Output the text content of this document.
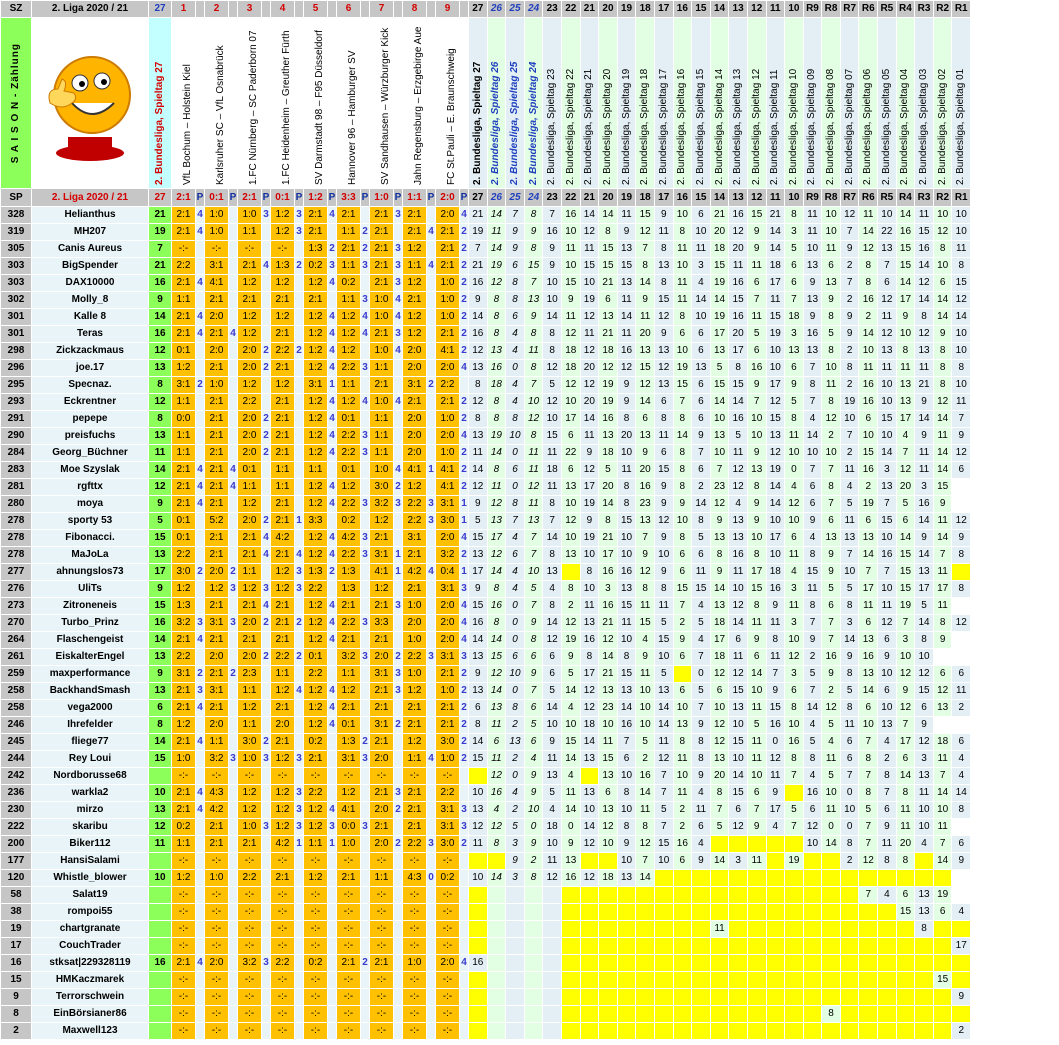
SZ	2. Liga 2020 / 21	27	1		2		3		4		5		6		7		8		9		27	26	25	24	23	22	21	20	19	18	17	16	15	14	13	12	11	10	R9	R8	R7	R6	R5	R4	R3	R2	R1

S A I S O N - Zählung		2. Bundesliga, Spieltag 27	VfL Bochum – Holstein Kiel		Karlsruher SC – VfL Osnabrück		1.FC Nürnberg – SC Paderborn 07		1.FC Heidenheim – Greuther Fürth		SV Darmstadt 98 – F95 Düsseldorf		Hannover 96 – Hamburger SV		SV Sandhausen – Würzburger Kick		Jahn Regensburg – Erzgebirge Aue		FC St.Pauli – E. Braunschweig		2. Bundesliga, Spieltag 27	2. Bundesliga, Spieltag 26	2. Bundesliga, Spieltag 25	2. Bundesliga, Spieltag 24	2. Bundesliga, Spieltag 23	2. Bundesliga, Spieltag 22	2. Bundesliga, Spieltag 21	2. Bundesliga, Spieltag 20	2. Bundesliga, Spieltag 19	2. Bundesliga, Spieltag 18	2. Bundesliga, Spieltag 17	2. Bundesliga, Spieltag 16	2. Bundesliga, Spieltag 15	2. Bundesliga, Spieltag 14	2. Bundesliga, Spieltag 13	2. Bundesliga, Spieltag 12	2. Bundesliga, Spieltag 11	2. Bundesliga, Spieltag 10	2. Bundesliga, Spieltag 09	2. Bundesliga, Spieltag 08	2. Bundesliga, Spieltag 07	2. Bundesliga, Spieltag 06	2. Bundesliga, Spieltag 05	2. Bundesliga, Spieltag 04	2. Bundesliga, Spieltag 03	2. Bundesliga, Spieltag 02	2. Bundesliga, Spieltag 01

SP	2. Liga 2020 / 21	27	2:1	P	0:1	P	2:1	P	0:1	P	1:2	P	3:3	P	1:0	P	1:1	P	2:0	P	27	26	25	24	23	22	21	20	19	18	17	16	15	14	13	12	11	10	R9	R8	R7	R6	R5	R4	R3	R2	R1
328	Helianthus	21	2:1	4	1:0		1:0	3	1:2	3	2:1	4	2:1		2:1	3	2:1		2:0	4	21	14	7	8	7	16	14	14	11	15	9	10	6	21	16	15	21	8	11	10	12	11	10	14	11	10	10
319	MH207	19	2:1	4	1:0		1:1		1:2	3	2:1		1:1	2	2:1		2:1	4	2:1	2	19	11	9	9	16	10	12	8	9	12	11	8	10	20	12	9	14	3	11	10	7	14	22	16	15	12	10
305	Canis Aureus	7	-:-		-:-		-:-		-:-		1:3	2	2:1	2	2:1	3	1:2		2:1	2	7	14	9	8	9	11	11	15	13	7	8	11	11	18	20	9	14	5	10	11	9	12	13	15	16	8	11
303	BigSpender	21	2:2		3:1		2:1	4	1:3	2	0:2	3	1:1	3	2:1	3	1:1	4	2:1	2	21	19	6	15	9	10	15	15	15	8	13	10	3	15	11	11	18	6	13	6	2	8	7	15	14	10	8
303	DAX10000	16	2:1	4	4:1		1:2		1:2		1:2	4	0:2		2:1	3	1:2		1:0	2	16	12	8	7	10	15	10	21	13	14	8	11	4	19	16	6	17	6	9	13	7	8	6	14	12	6	15
302	Molly_8	9	1:1		2:1		2:1		2:1		2:1		1:1	3	1:0	4	2:1		1:0	2	9	8	8	13	10	9	19	6	11	9	15	11	14	14	15	7	11	7	13	9	2	16	12	17	14	14	12
301	Kalle 8	14	2:1	4	2:0		1:2		1:2		1:2	4	1:2	4	1:0	4	1:2		1:0	2	14	8	6	9	14	11	12	13	14	11	12	8	10	19	16	11	15	18	9	8	9	2	11	9	8	14	14
301	Teras	16	2:1	4	2:1	4	1:2		2:1		1:2	4	1:2	4	2:1	3	1:2		2:1	2	16	8	4	8	8	12	11	21	11	20	9	6	6	17	20	5	19	3	16	5	9	14	12	10	12	9	10
298	Zickzackmaus	12	0:1		2:0		2:0	2	2:2	2	1:2	4	1:2		1:0	4	2:0		4:1	2	12	13	4	11	8	18	12	18	16	13	13	10	6	13	17	6	10	13	13	8	2	10	13	8	13	8	10
296	joe.17	13	1:2		2:1		2:0	2	2:1		1:2	4	2:2	3	1:1		2:0		2:0	4	13	16	0	8	12	18	20	12	12	15	12	19	13	5	8	16	10	6	7	10	8	11	11	11	11	8	8
295	Specnaz.	8	3:1	2	1:0		1:2		1:2		3:1	1	1:1		2:1		3:1	2	2:2		8	18	4	7	5	12	12	19	9	12	13	15	6	15	15	9	17	9	8	11	2	16	10	13	21	8	10
293	Eckrentner	12	1:1		2:1		2:2		2:1		1:2	4	1:2	4	1:0	4	2:1		2:1	2	12	8	4	10	12	10	20	19	9	14	6	7	6	14	14	7	12	5	7	8	19	16	10	13	9	12	11
291	pepepe	8	0:0		2:1		2:0	2	2:1		1:2	4	0:1		1:1		2:0		1:0	2	8	8	8	12	10	17	14	16	8	6	8	8	6	10	16	10	15	8	4	12	10	6	15	17	14	14	7
290	preisfuchs	13	1:1		2:1		2:0	2	2:1		1:2	4	2:2	3	1:1		2:0		2:0	4	13	19	10	8	15	6	11	13	20	13	11	14	9	13	5	10	13	11	14	2	7	10	10	4	9	11	9
284	Georg_Büchner	11	1:1		2:1		2:0	2	2:1		1:2	4	2:2	3	1:1		2:0		1:0	2	11	14	0	11	11	22	9	18	10	9	6	8	7	10	11	9	12	10	10	10	2	15	14	7	11	14	12
283	Moe Szyslak	14	2:1	4	2:1	4	0:1		1:1		1:1		0:1		1:0	4	4:1	1	4:1	2	14	8	6	11	18	6	12	5	11	20	15	8	6	7	12	13	19	0	7	7	11	16	3	12	11	14	6
281	rgfttx	12	2:1	4	2:1	4	1:1		1:1		1:2	4	1:2		3:0	2	1:2		4:1	2	12	11	0	12	11	13	17	20	8	16	9	8	2	23	12	8	14	4	6	8	4	2	13	20	3	15	
280	moya	9	2:1	4	2:1		1:2		2:1		1:2	4	2:2	3	3:2	3	2:2	3	3:1	1	9	12	8	11	8	10	19	14	8	23	9	9	14	12	4	9	14	12	6	7	5	19	7	5	16	9	
278	sporty 53	5	0:1		5:2		2:0	2	2:1	1	3:3		0:2		1:2		2:2	3	3:0	1	5	13	7	13	7	12	9	8	15	13	12	10	8	9	13	9	10	10	9	6	11	6	15	6	14	11	12
278	Fibonacci.	15	0:1		2:1		2:1	4	4:2		1:2	4	4:2	3	2:1		3:1		2:0	4	15	17	4	7	14	10	19	21	10	7	9	8	5	13	13	10	17	6	4	13	13	13	10	14	9	14	9
278	MaJoLa	13	2:2		2:1		2:1	4	2:1	4	1:2	4	2:2	3	3:1	1	2:1		3:2	2	13	12	6	7	8	13	10	17	10	9	10	6	6	8	16	8	10	11	8	9	7	14	16	15	14	7	8
277	ahnungslos73	17	3:0	2	2:0	2	1:1		1:2	3	1:3	2	1:3		4:1	1	4:2	4	0:4	1	17	14	4	10	13		8	16	16	12	9	6	11	9	11	17	18	4	15	9	10	7	7	15	13	11	
276	UliTs	9	1:2		1:2	3	1:2	3	1:2	3	2:2		1:3		1:2		2:1		3:1	3	9	8	4	5	4	8	10	3	13	8	8	15	15	14	10	15	16	3	11	5	5	17	10	15	17	17	8
273	Zitroneneis	15	1:3		2:1		2:1	4	2:1		1:2	4	2:1		2:1	3	1:0		2:0	4	15	16	0	7	8	2	11	16	15	11	11	7	4	13	12	8	9	11	8	6	8	11	11	19	5	11	
270	Turbo_Prinz	16	3:2	3	3:1	3	2:0	2	2:1	2	1:2	4	2:2	3	3:3		2:0		2:0	4	16	8	0	9	14	12	13	21	11	15	5	2	5	18	14	11	11	3	7	7	3	6	12	7	14	8	12
264	Flaschengeist	14	2:1	4	2:1		2:1		2:1		1:2	4	2:1		2:1		1:0		2:0	4	14	14	0	8	12	19	16	12	10	4	15	9	4	17	6	9	8	10	9	7	14	13	6	3	8	9	
261	EiskalterEngel	13	2:2		2:0		2:0	2	2:2	2	0:1		3:2	3	2:0	2	2:2	3	3:1	3	13	15	6	6	6	9	8	14	8	9	10	6	7	18	11	6	11	12	2	16	9	16	9	10	10		
259	maxperformance	9	3:1	2	2:1	2	2:3		1:1		2:2		1:1		3:1	3	1:0		2:1	2	9	12	10	9	6	5	17	21	15	11	5		0	12	12	14	7	3	5	9	8	13	10	12	12	6	6
258	BackhandSmash	13	2:1	3	3:1		1:1		1:2	4	1:2	4	1:2		2:1	3	1:2		1:0	2	13	14	0	7	5	14	12	13	13	10	13	6	5	6	15	10	9	6	7	2	5	14	6	9	15	12	11
258	vega2000	6	2:1	4	2:1		1:2		2:1		1:2	4	2:1		2:1		2:1		2:1	2	6	13	8	6	14	4	12	23	14	10	14	10	7	10	13	11	15	8	14	12	8	6	10	12	6	13	2
246	Ihrefelder	8	1:2		2:0		1:1		2:0		1:2	4	0:1		3:1	2	2:1		2:1	2	8	11	2	5	10	10	18	10	16	10	14	13	9	12	10	5	16	10	4	5	11	10	13	7	9		
245	fliege77	14	2:1	4	1:1		3:0	2	2:1		0:2		1:3	2	2:1		1:2		3:0	2	14	6	13	6	9	15	14	11	7	5	11	8	8	12	15	11	0	16	5	4	6	7	4	17	12	18	6
244	Rey Loui	15	1:0		3:2	3	1:0	3	1:2	3	2:1		3:1	3	2:0		1:1	4	1:0	2	15	11	2	4	11	14	13	15	6	2	12	11	8	13	10	11	12	8	8	11	6	8	2	6	3	11	4
242	Nordborusse68		-:-		-:-		-:-		-:-		-:-		-:-		-:-		-:-		-:-			12	0	9	13	4		13	10	16	7	10	9	20	14	10	11	7	4	5	7	7	8	14	13	7	4
236	warkla2	10	2:1	4	4:3		1:2		1:2	3	2:2		1:2		2:1	3	2:1		2:2		10	16	4	9	5	11	13	6	8	14	7	11	4	8	15	6	9		16	10	0	8	7	8	11	14	14
230	mirzo	13	2:1	4	4:2		1:2		1:2	3	1:2	4	4:1		2:0	2	2:1		3:1	3	13	4	2	10	4	14	10	13	10	11	5	2	11	7	6	7	17	5	6	11	10	5	6	11	10	10	8
222	skaribu	12	0:2		2:1		1:0	3	1:2	3	1:2	3	0:0	3	2:1		2:1		3:1	3	12	12	5	0	18	0	14	12	8	8	7	2	6	5	12	9	4	7	12	0	0	7	9	11	10	11	
200	Biker112	11	1:1		2:1		2:1		4:2	1	1:1	1	1:0		2:0	2	2:2	3	3:0	2	11	8	3	9	10	9	12	10	9	12	15	16	4						10	14	8	7	11	20	4	7	6
177	HansiSalami		-:-		-:-		-:-		-:-		-:-		-:-		-:-		-:-		-:-				9	2	11	13			10	7	10	6	9	14	3	11		19			2	12	8	8		14	9
120	Whistle_blower	10	1:2		1:0		2:2		2:1		1:2		2:1		1:1		4:3	0	0:2		10	14	3	8	12	16	12	18	13	14																	
58	Salat19		-:-		-:-		-:-		-:-		-:-		-:-		-:-		-:-		-:-																							7	4	6	13	19	
38	rompoi55		-:-		-:-		-:-		-:-		-:-		-:-		-:-		-:-		-:-																									15	13	6	4
19	chartgranate		-:-		-:-		-:-		-:-		-:-		-:-		-:-		-:-		-:-															11											8		
17	CouchTrader		-:-		-:-		-:-		-:-		-:-		-:-		-:-		-:-		-:-																												17
16	stksat|229328119	16	2:1	4	2:0		3:2	3	2:2		0:2		2:1	2	2:1		1:0		2:0	4	16																										
15	HMKaczmarek		-:-		-:-		-:-		-:-		-:-		-:-		-:-		-:-		-:-																											15	
9	Terrorschwein		-:-		-:-		-:-		-:-		-:-		-:-		-:-		-:-		-:-																												9
8	EinBörsianer86		-:-		-:-		-:-		-:-		-:-		-:-		-:-		-:-		-:-																					8							
2	Maxwell123		-:-		-:-		-:-		-:-		-:-		-:-		-:-		-:-		-:-																												2
